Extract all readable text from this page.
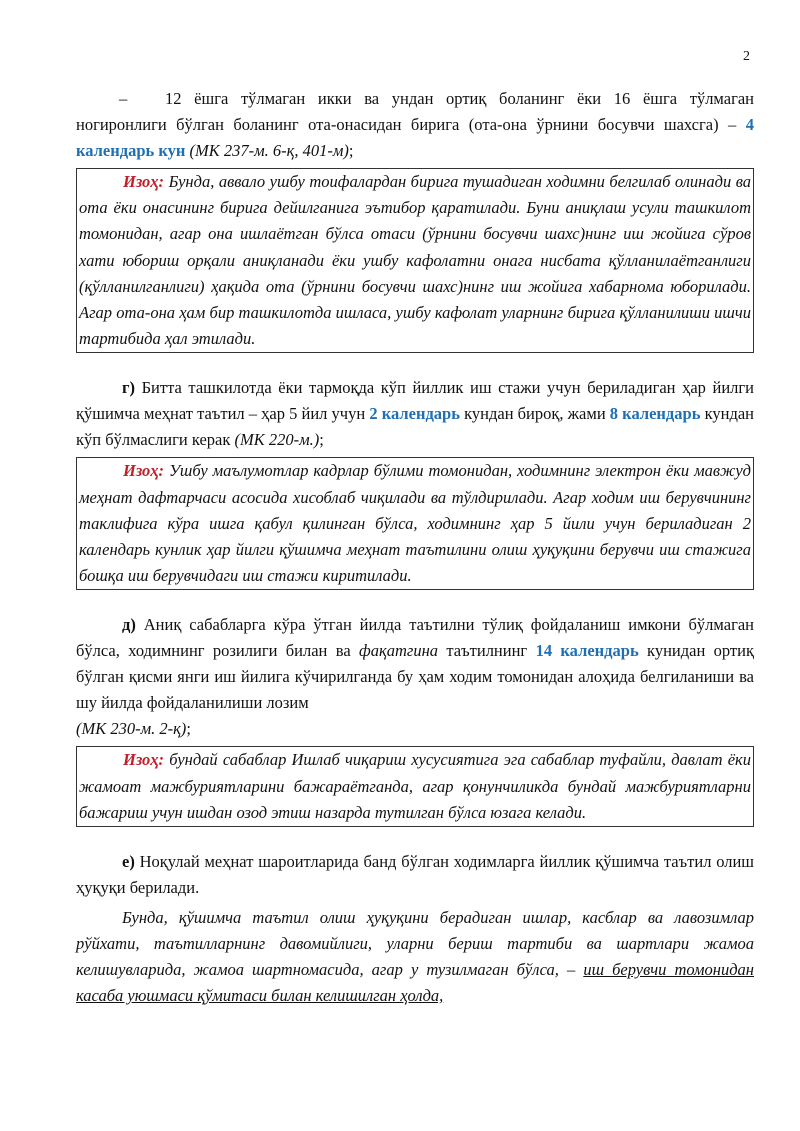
2

– 12 ёшга тўлмаган икки ва ундан ортиқ боланинг ёки 16 ёшга тўлмаган ногиронлиги бўлган боланинг ота-онасидан бирига (ота-она ўрнини босувчи шахсга) – 4 календарь кун (МК 237-м. 6-қ, 401-м);

Изоҳ: Бунда, аввало ушбу тоифалардан бирига тушадиган ходимни белгилаб олинади ва ота ёки онасининг бирига дейилганига эътибор қаратилади. Буни аниқлаш усули ташкилот томонидан, агар она ишлаётган бўлса отаси (ўрнини босувчи шахс)нинг иш жойига сўров хати юбориш орқали аниқланади ёки ушбу кафолатни онага нисбата қўлланилаётганлиги (қўлланилганлиги) ҳақида ота (ўрнини босувчи шахс)нинг иш жойига хабарнома юборилади. Агар ота-она ҳам бир ташкилотда ишласа, ушбу кафолат уларнинг бирига қўлланилиши ишчи тартибида ҳал этилади.

г) Битта ташкилотда ёки тармоқда кўп йиллик иш стажи учун бериладиган ҳар йилги қўшимча меҳнат таътил – ҳар 5 йил учун 2 календарь кундан бироқ, жами 8 календарь кундан кўп бўлмаслиги керак (МК 220-м.);

Изоҳ: Ушбу маълумотлар кадрлар бўлими томонидан, ходимнинг электрон ёки мавжуд меҳнат дафтарчаси асосида хисоблаб чиқилади ва тўлдирилади. Агар ходим иш берувчининг таклифига кўра ишга қабул қилинган бўлса, ходимнинг ҳар 5 йили учун бериладиган 2 календарь кунлик ҳар йилги қўшимча меҳнат таътилини олиш ҳуқуқини берувчи иш стажига бошқа иш берувчидаги иш стажи киритилади.

д) Аниқ сабабларга кўра ўтган йилда таътилни тўлиқ фойдаланиш имкони бўлмаган бўлса, ходимнинг розилиги билан ва фақатгина таътилнинг 14 календарь кунидан ортиқ бўлган қисми янги иш йилига кўчирилганда бу ҳам ходим томонидан алоҳида белгиланиши ва шу йилда фойдаланилиши лозим

(МК 230-м. 2-қ);

Изоҳ: бундай сабаблар Ишлаб чиқариш хусусиятига эга сабаблар туфайли, давлат ёки жамоат мажбуриятларини бажараётганда, агар қонунчиликда бундай мажбуриятларни бажариш учун ишдан озод этиш назарда тутилган бўлса юзага келади.

е) Ноқулай меҳнат шароитларида банд бўлган ходимларга йиллик қўшимча таътил олиш ҳуқуқи берилади.

Бунда, қўшимча таътил олиш ҳуқуқини берадиган ишлар, касблар ва лавозимлар рўйхати, таътилларнинг давомийлиги, уларни бериш тартиби ва шартлари жамоа келишувларида, жамоа шартномасида, агар у тузилмаган бўлса, – иш берувчи томонидан касаба уюшмаси қўмитаси билан келишилган ҳолда,
